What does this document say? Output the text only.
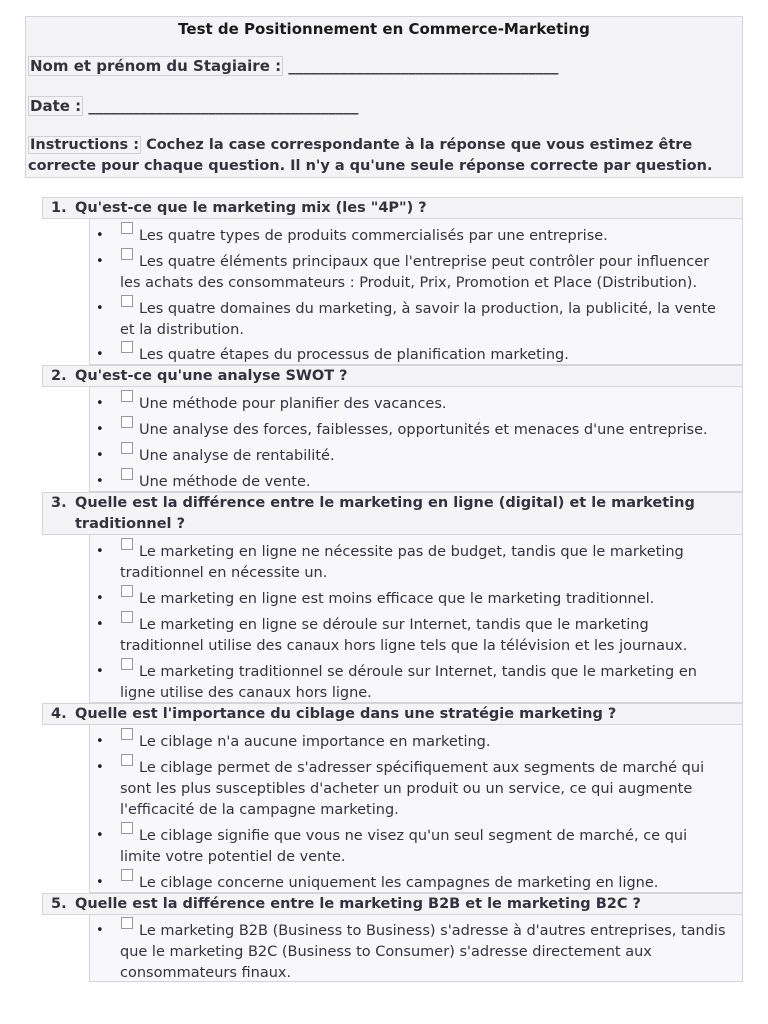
Test de Positionnement en Commerce-Marketing
Nom et prénom du Stagiaire : ____________________________________
Date : ____________________________________
Instructions : Cochez la case correspondante à la réponse que vous estimez être correcte pour chaque question. Il n'y a qu'une seule réponse correcte par question.
1. Qu'est-ce que le marketing mix (les "4P") ?
•	Les quatre types de produits commercialisés par une entreprise.
•	Les quatre éléments principaux que l'entreprise peut contrôler pour influencer les achats des consommateurs : Produit, Prix, Promotion et Place (Distribution).
•	Les quatre domaines du marketing, à savoir la production, la publicité, la vente et la distribution.
•	Les quatre étapes du processus de planification marketing.
2. Qu'est-ce qu'une analyse SWOT ?
•	Une méthode pour planifier des vacances.
•	Une analyse des forces, faiblesses, opportunités et menaces d'une entreprise.
•	Une analyse de rentabilité.
•	Une méthode de vente.
3. Quelle est la différence entre le marketing en ligne (digital) et le marketing traditionnel ?
•	Le marketing en ligne ne nécessite pas de budget, tandis que le marketing traditionnel en nécessite un.
•	Le marketing en ligne est moins efficace que le marketing traditionnel.
•	Le marketing en ligne se déroule sur Internet, tandis que le marketing traditionnel utilise des canaux hors ligne tels que la télévision et les journaux.
•	Le marketing traditionnel se déroule sur Internet, tandis que le marketing en ligne utilise des canaux hors ligne.
4. Quelle est l'importance du ciblage dans une stratégie marketing ?
•	Le ciblage n'a aucune importance en marketing.
•	Le ciblage permet de s'adresser spécifiquement aux segments de marché qui sont les plus susceptibles d'acheter un produit ou un service, ce qui augmente l'efficacité de la campagne marketing.
•	Le ciblage signifie que vous ne visez qu'un seul segment de marché, ce qui limite votre potentiel de vente.
•	Le ciblage concerne uniquement les campagnes de marketing en ligne.
5. Quelle est la différence entre le marketing B2B et le marketing B2C ?
•	Le marketing B2B (Business to Business) s'adresse à d'autres entreprises, tandis que le marketing B2C (Business to Consumer) s'adresse directement aux consommateurs finaux.
